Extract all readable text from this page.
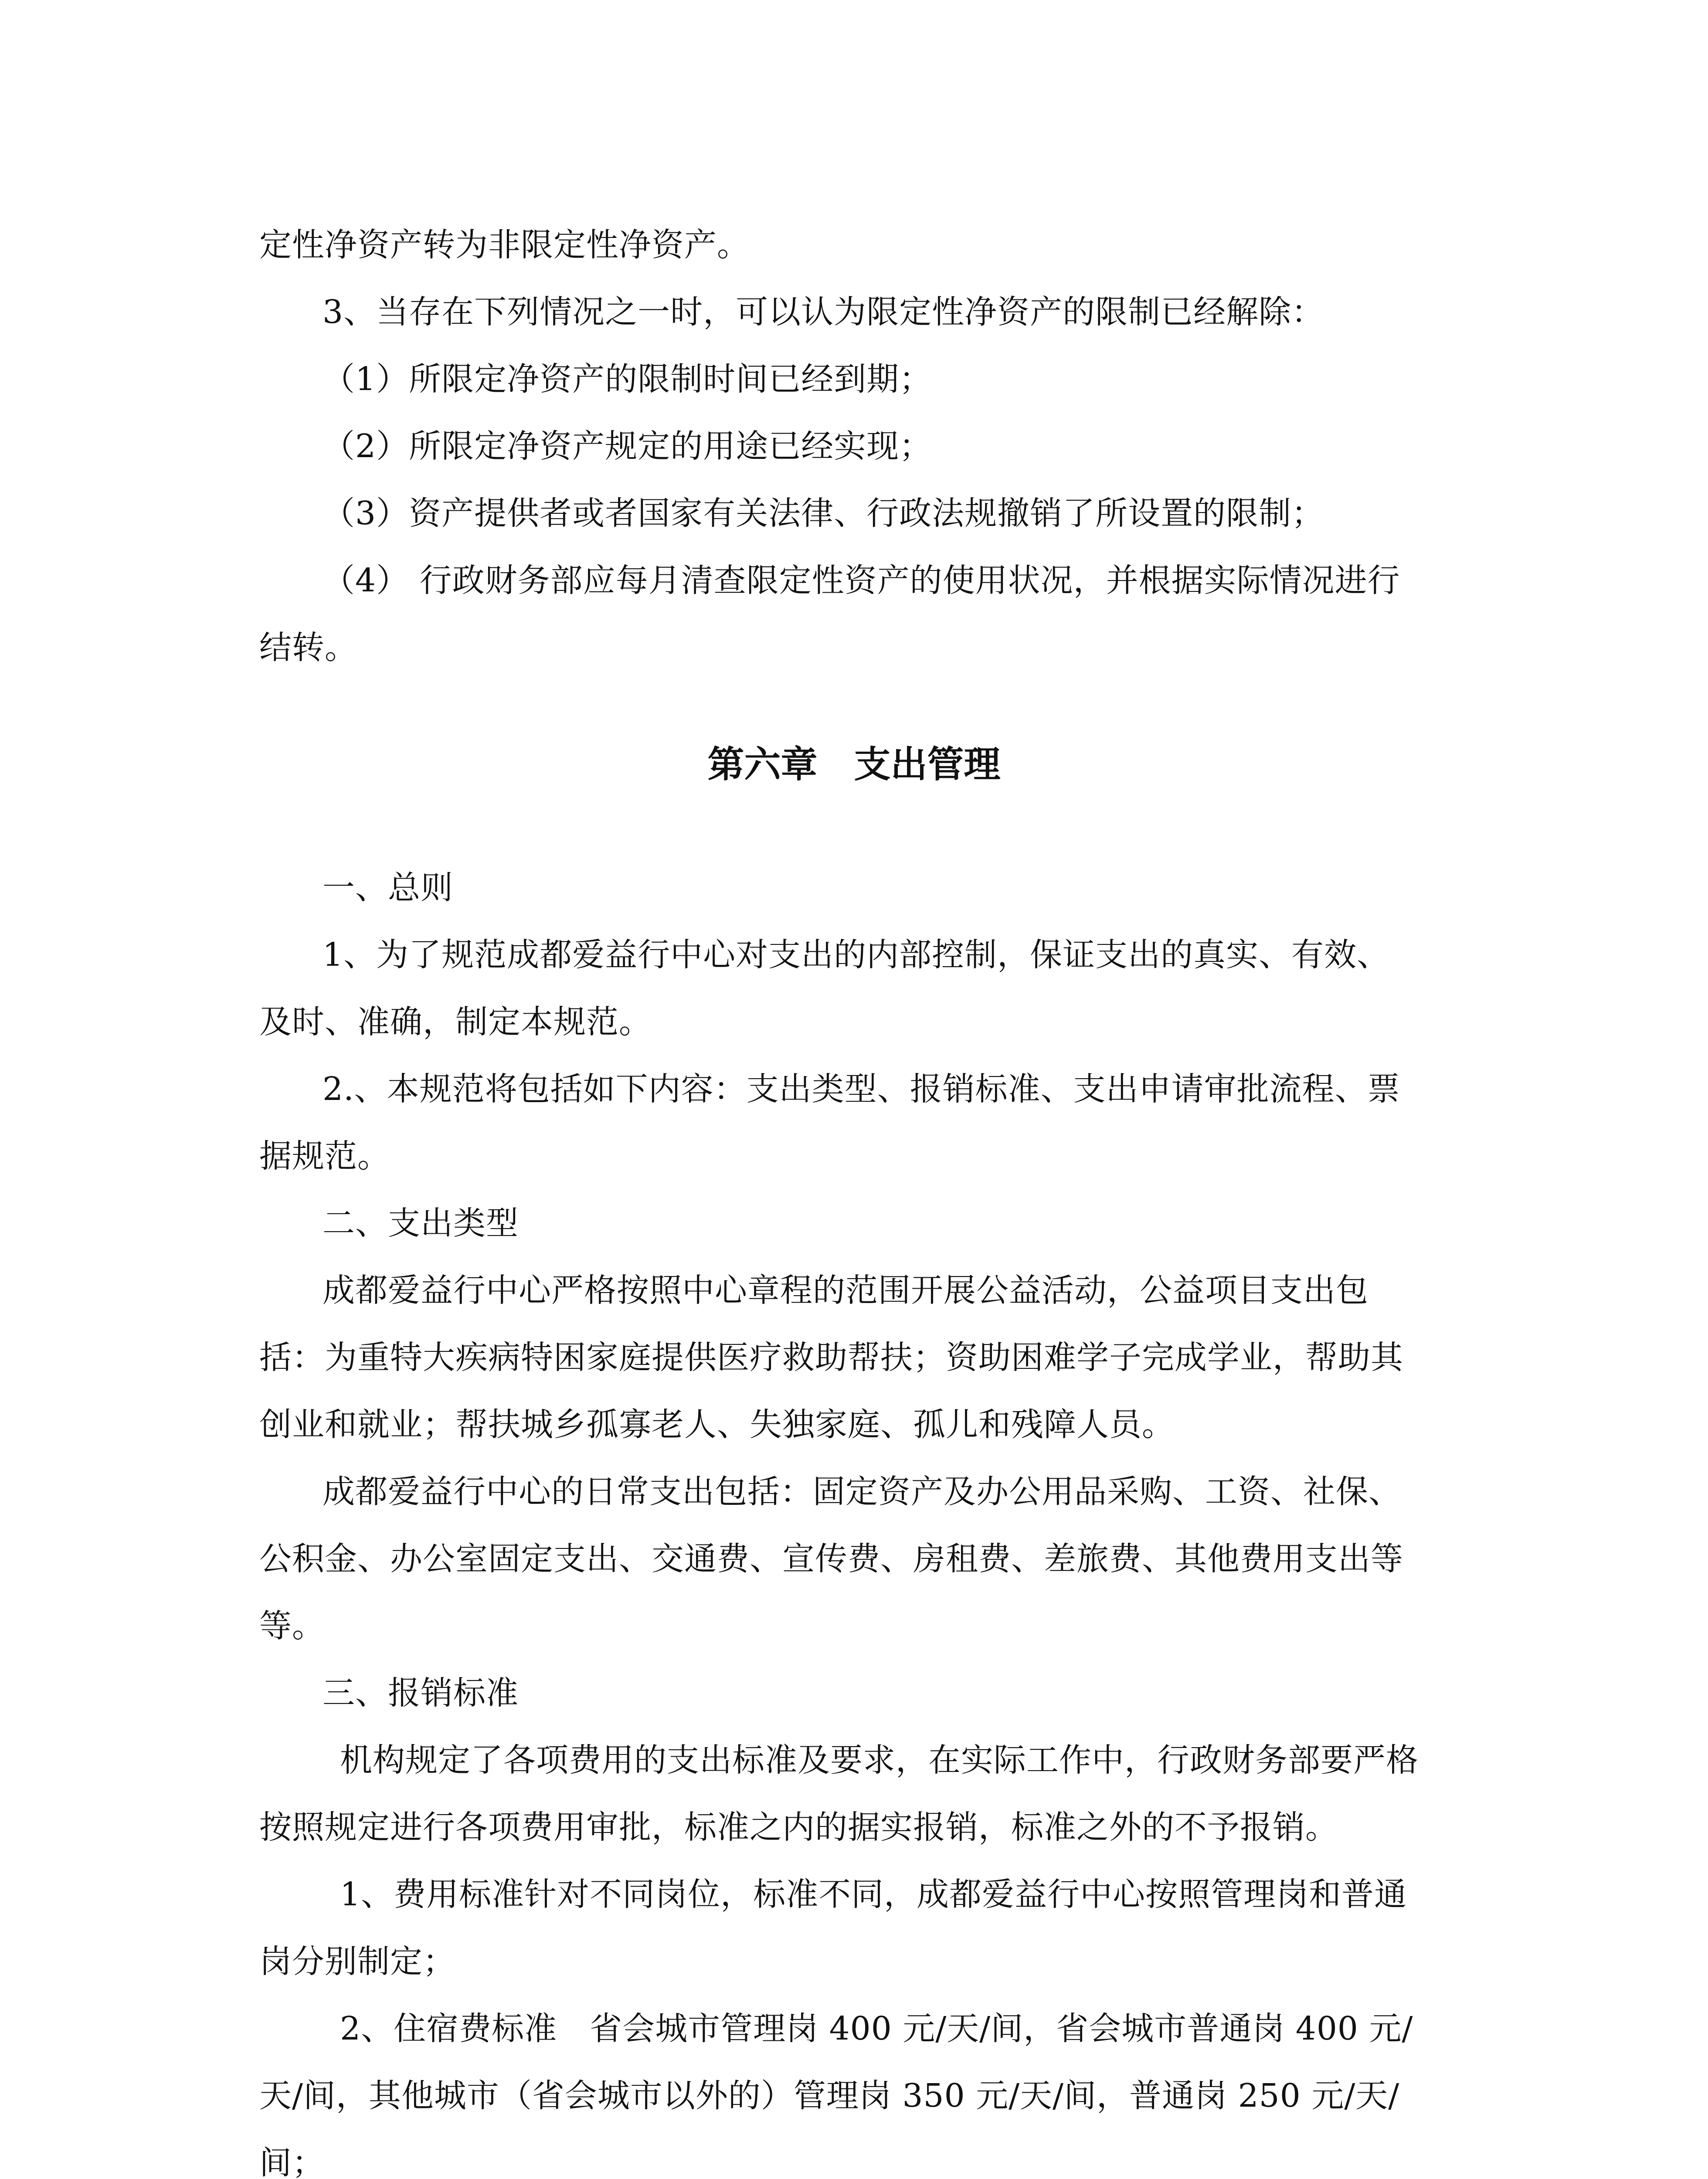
定性净资产转为非限定性净资产。
3、当存在下列情况之一时，可以认为限定性净资产的限制已经解除：
（1）所限定净资产的限制时间已经到期；
（2）所限定净资产规定的用途已经实现；
（3）资产提供者或者国家有关法律、行政法规撤销了所设置的限制；
（4） 行政财务部应每月清查限定性资产的使用状况，并根据实际情况进行
结转。
第六章　支出管理
一、总则
1、为了规范成都爱益行中心对支出的内部控制，保证支出的真实、有效、
及时、准确，制定本规范。
2.、本规范将包括如下内容：支出类型、报销标准、支出申请审批流程、票
据规范。
二、支出类型
成都爱益行中心严格按照中心章程的范围开展公益活动，公益项目支出包
括：为重特大疾病特困家庭提供医疗救助帮扶；资助困难学子完成学业，帮助其
创业和就业；帮扶城乡孤寡老人、失独家庭、孤儿和残障人员。
成都爱益行中心的日常支出包括：固定资产及办公用品采购、工资、社保、
公积金、办公室固定支出、交通费、宣传费、房租费、差旅费、其他费用支出等
等。
三、报销标准
机构规定了各项费用的支出标准及要求，在实际工作中，行政财务部要严格
按照规定进行各项费用审批，标准之内的据实报销，标准之外的不予报销。
1、费用标准针对不同岗位，标准不同，成都爱益行中心按照管理岗和普通
岗分别制定；
2、住宿费标准　省会城市管理岗 400 元/天/间，省会城市普通岗 400 元/
天/间，其他城市（省会城市以外的）管理岗 350 元/天/间，普通岗 250 元/天/
间；
